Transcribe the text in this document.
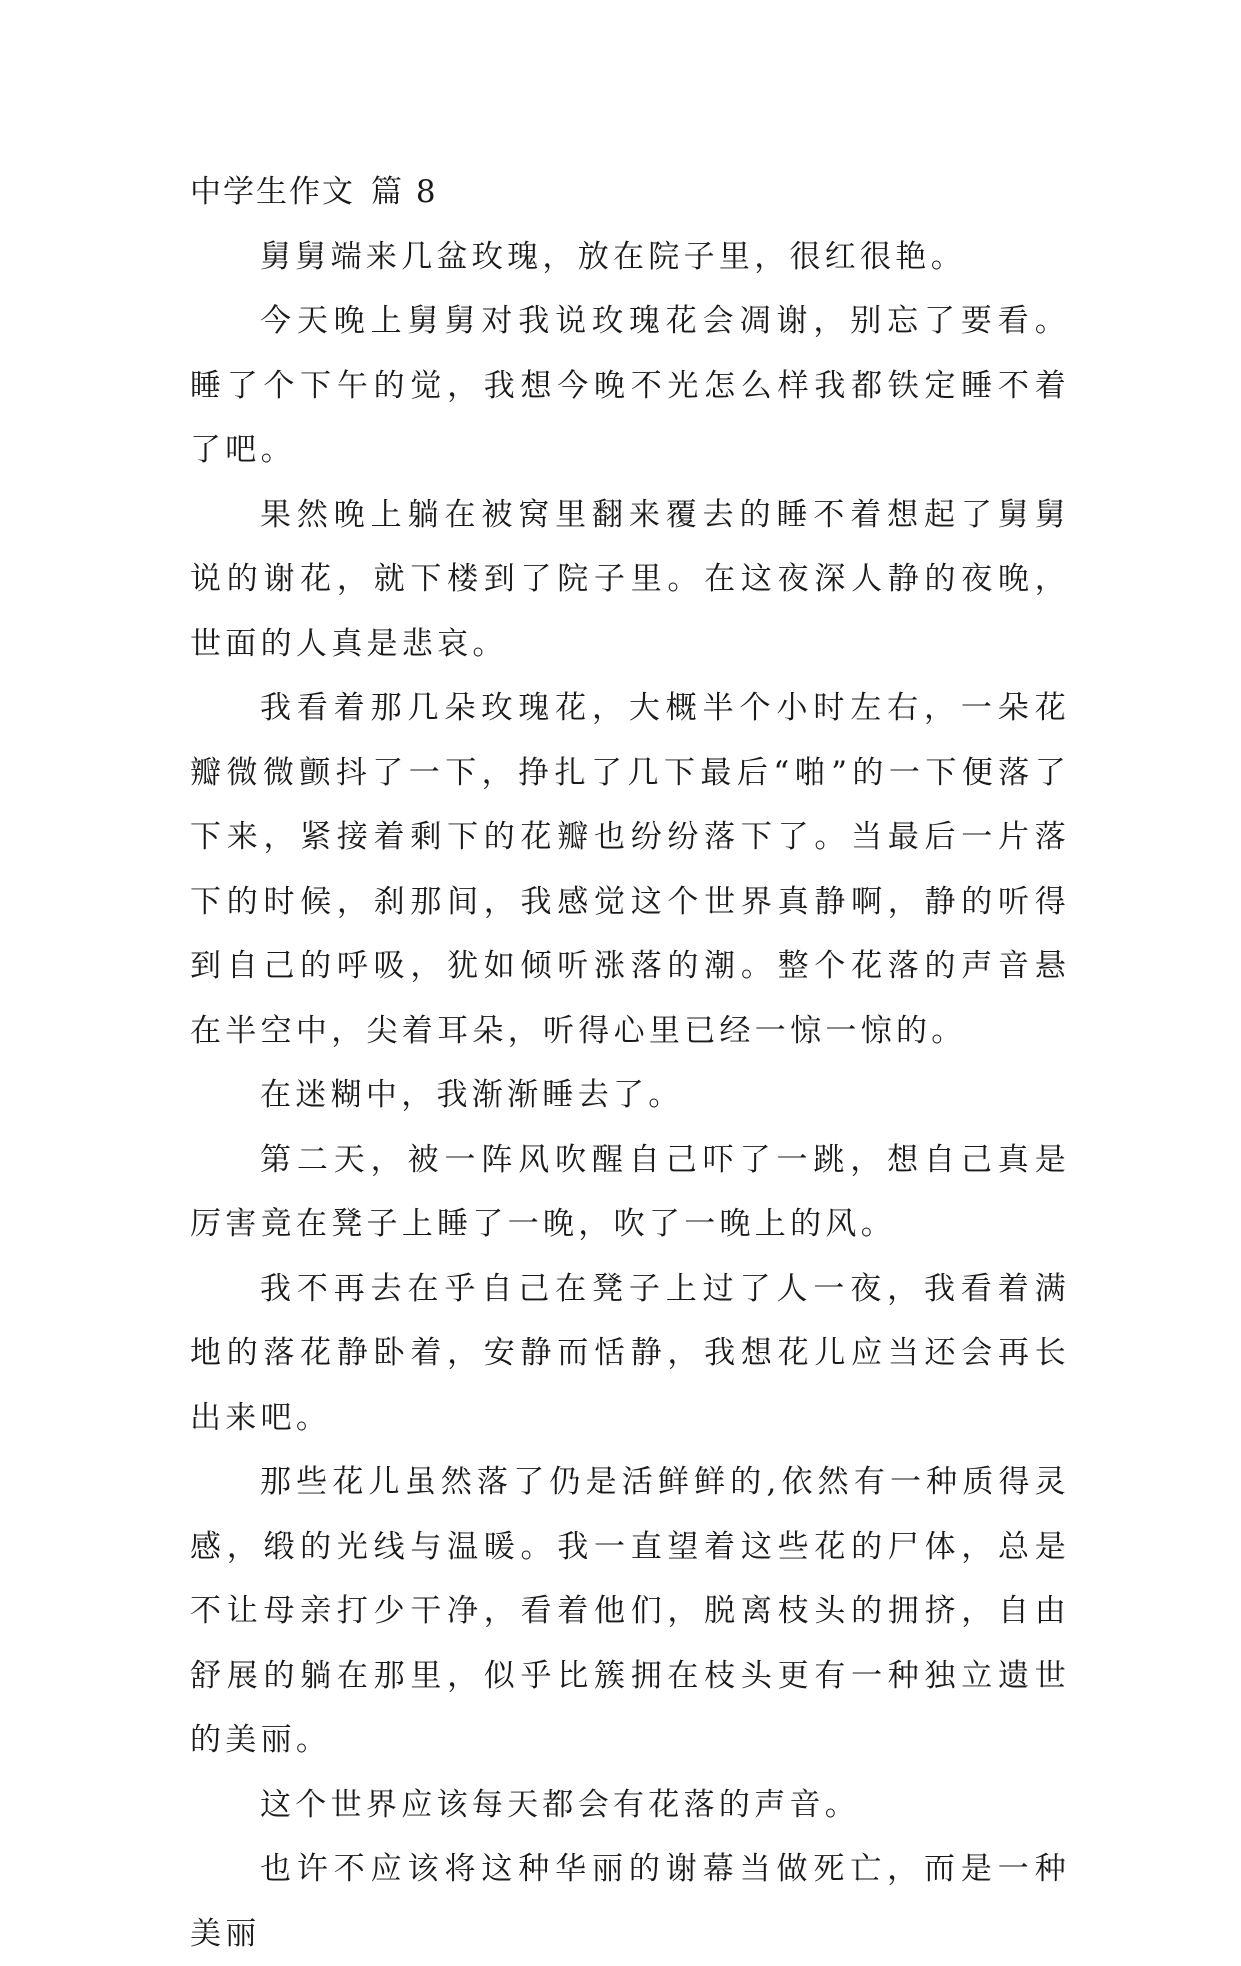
中学生作文 篇 8

舅舅端来几盆玫瑰，放在院子里，很红很艳。

今天晚上舅舅对我说玫瑰花会凋谢，别忘了要看。睡了个下午的觉，我想今晚不光怎么样我都铁定睡不着了吧。

果然晚上躺在被窝里翻来覆去的睡不着想起了舅舅说的谢花，就下楼到了院子里。在这夜深人静的夜晚，世面的人真是悲哀。

我看着那几朵玫瑰花，大概半个小时左右，一朵花瓣微微颤抖了一下，挣扎了几下最后“啪”的一下便落了下来，紧接着剩下的花瓣也纷纷落下了。当最后一片落下的时候，刹那间，我感觉这个世界真静啊，静的听得到自己的呼吸，犹如倾听涨落的潮。整个花落的声音悬在半空中，尖着耳朵，听得心里已经一惊一惊的。

在迷糊中，我渐渐睡去了。

第二天，被一阵风吹醒自己吓了一跳，想自己真是厉害竟在凳子上睡了一晚，吹了一晚上的风。

我不再去在乎自己在凳子上过了人一夜，我看着满地的落花静卧着，安静而恬静，我想花儿应当还会再长出来吧。

那些花儿虽然落了仍是活鲜鲜的,依然有一种质得灵感，缎的光线与温暖。我一直望着这些花的尸体，总是不让母亲打少干净，看着他们，脱离枝头的拥挤，自由舒展的躺在那里，似乎比簇拥在枝头更有一种独立遗世的美丽。

这个世界应该每天都会有花落的声音。

也许不应该将这种华丽的谢幕当做死亡，而是一种美丽
